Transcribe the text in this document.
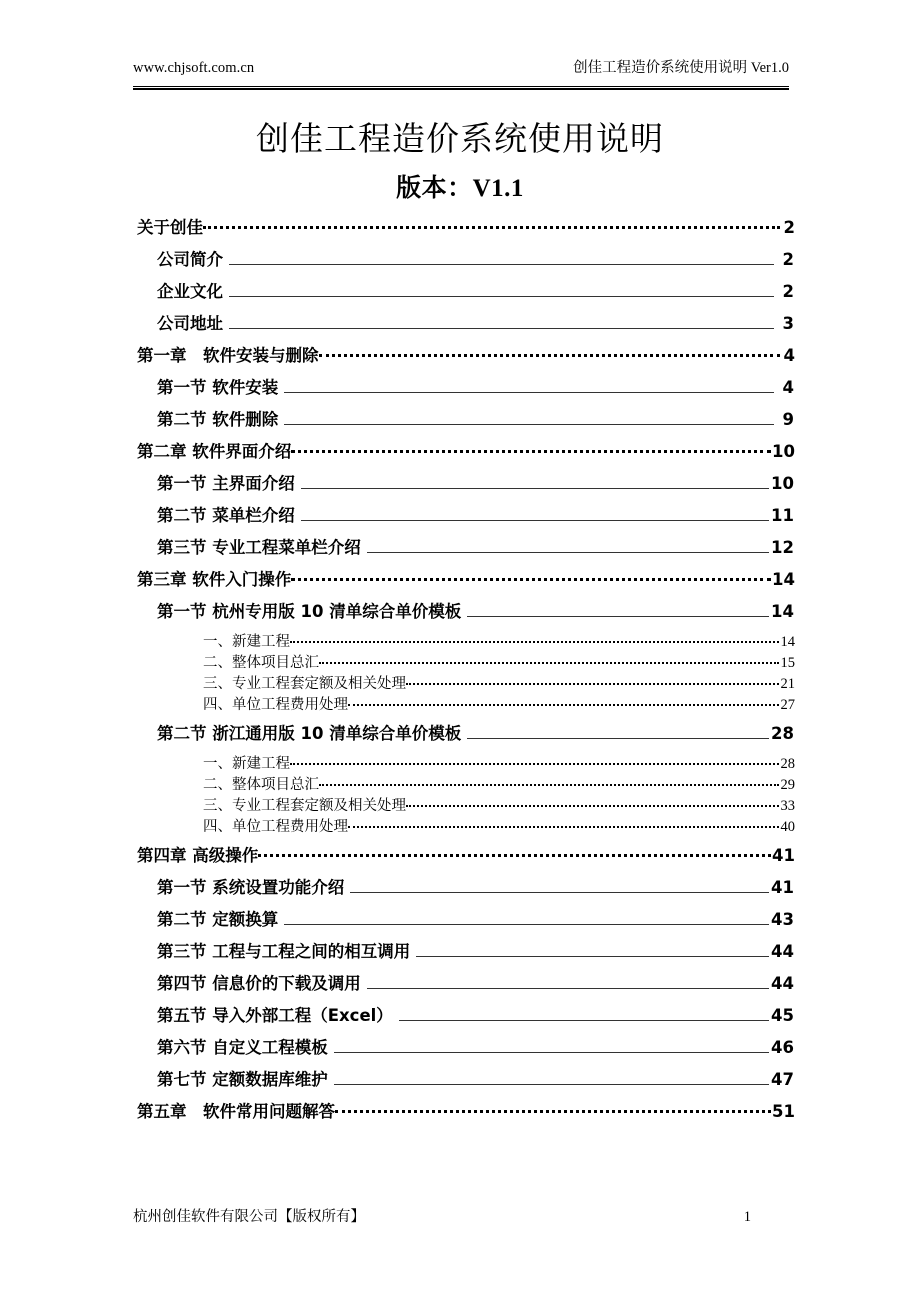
www.chjsoft.com.cn	创佳工程造价系统使用说明 Ver1.0
创佳工程造价系统使用说明
版本：V1.1
关于创佳	2
公司简介	2
企业文化	2
公司地址	3
第一章　软件安装与删除	4
第一节 软件安装	4
第二节 软件删除	9
第二章 软件界面介绍	10
第一节 主界面介绍	10
第二节 菜单栏介绍	11
第三节 专业工程菜单栏介绍	12
第三章 软件入门操作	14
第一节 杭州专用版 10 清单综合单价模板	14
一、新建工程	14
二、整体项目总汇	15
三、专业工程套定额及相关处理	21
四、单位工程费用处理	27
第二节 浙江通用版 10 清单综合单价模板	28
一、新建工程	28
二、整体项目总汇	29
三、专业工程套定额及相关处理	33
四、单位工程费用处理	40
第四章 高级操作	41
第一节 系统设置功能介绍	41
第二节 定额换算	43
第三节 工程与工程之间的相互调用	44
第四节 信息价的下载及调用	44
第五节 导入外部工程（Excel）	45
第六节 自定义工程模板	46
第七节 定额数据库维护	47
第五章　软件常用问题解答	51
杭州创佳软件有限公司【版权所有】	1
